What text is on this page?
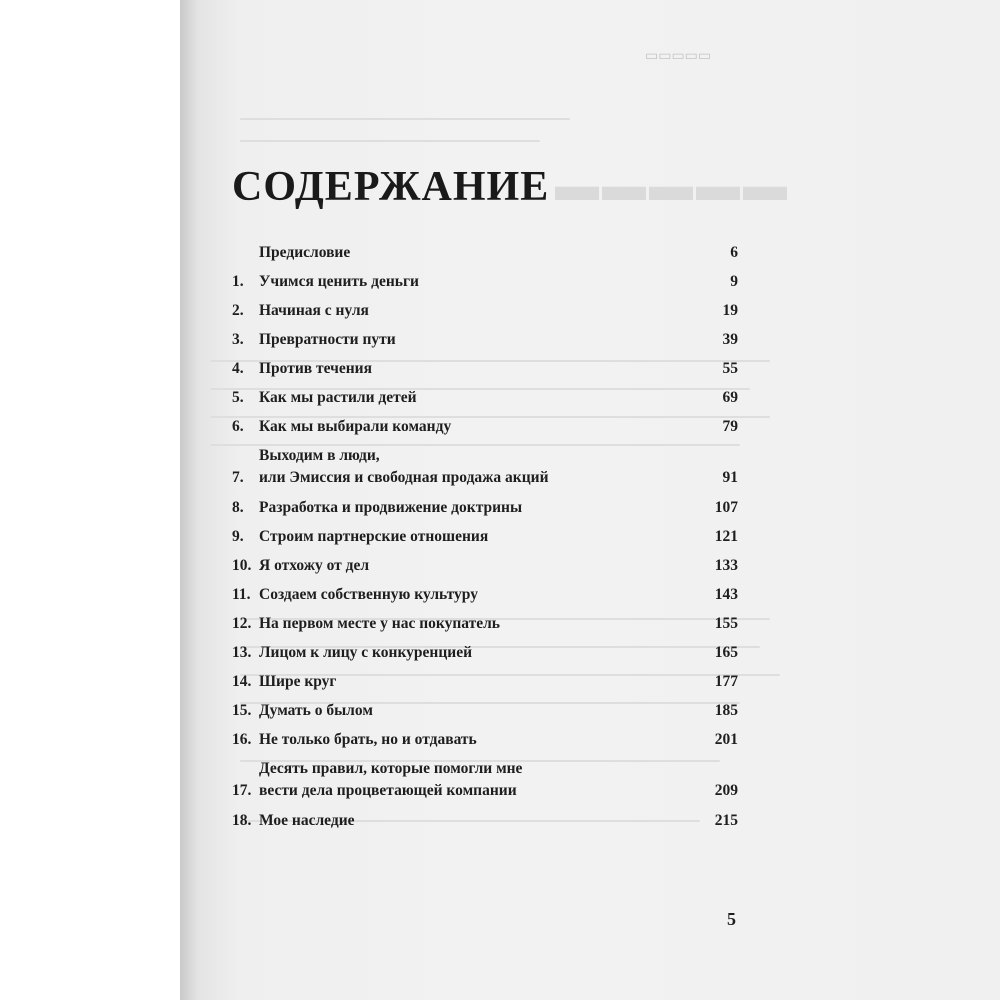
▭▭▭▭▭
▬▬▬▬▬
СОДЕРЖАНИЕ
Предисловие	6
1. Учимся ценить деньги	9
2. Начиная с нуля	19
3. Превратности пути	39
4. Против течения	55
5. Как мы растили детей	69
6. Как мы выбирали команду	79
7.
Выходим в люди,
или Эмиссия и свободная продажа акций	91
8. Разработка и продвижение доктрины	107
9. Строим партнерские отношения	121
10. Я отхожу от дел	133
11. Создаем собственную культуру	143
12. На первом месте у нас покупатель	155
13. Лицом к лицу с конкуренцией	165
14. Шире круг	177
15. Думать о былом	185
16. Не только брать, но и отдавать	201
17.
Десять правил, которые помогли мне
вести дела процветающей компании	209
18. Мое наследие	215
5
